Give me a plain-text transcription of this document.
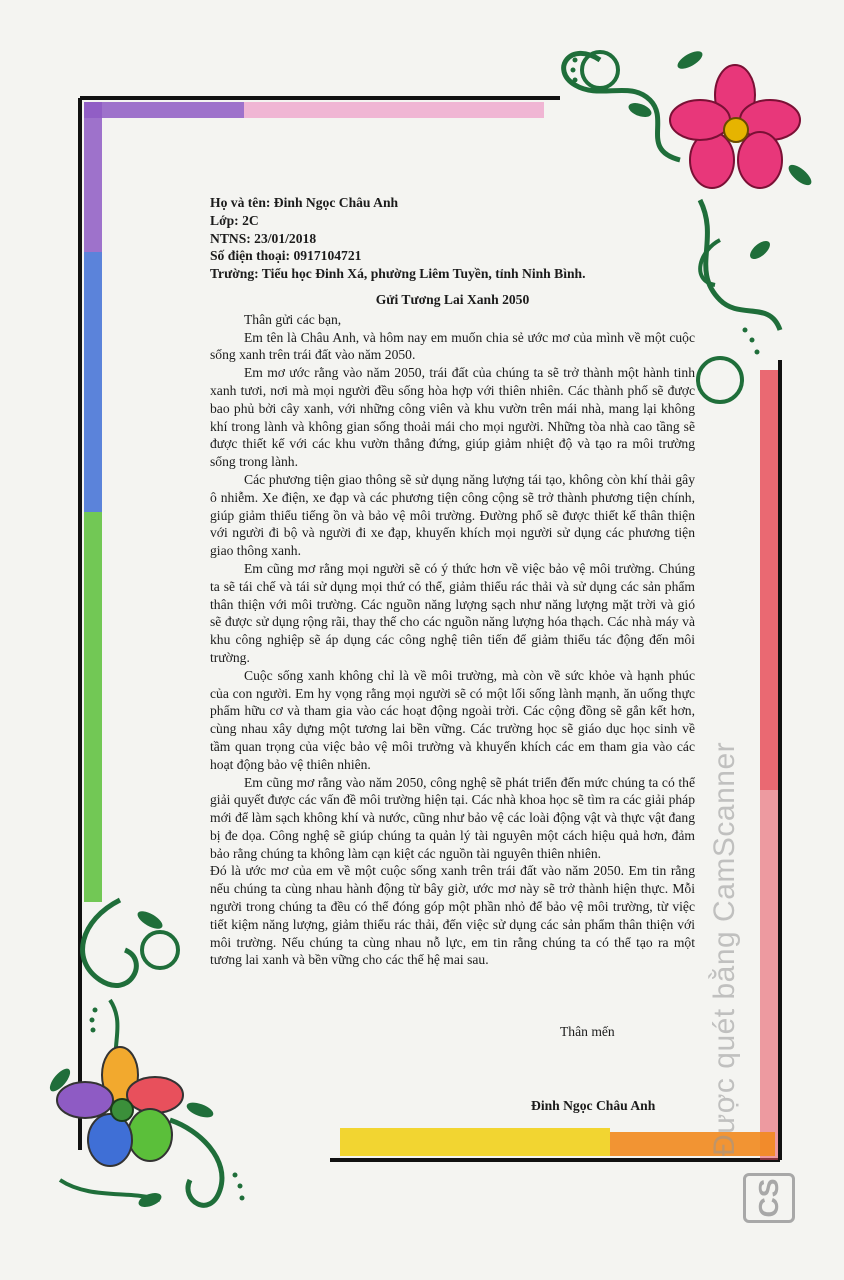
Họ và tên: Đinh Ngọc Châu Anh
Lớp: 2C
NTNS: 23/01/2018
Số điện thoại: 0917104721
Trường: Tiểu học Đinh Xá, phường Liêm Tuyền, tỉnh Ninh Bình.
Gửi Tương Lai Xanh 2050
Thân gửi các bạn,
Em tên là Châu Anh, và hôm nay em muốn chia sẻ ước mơ của mình về một cuộc sống xanh trên trái đất vào năm 2050.
Em mơ ước rằng vào năm 2050, trái đất của chúng ta sẽ trở thành một hành tinh xanh tươi, nơi mà mọi người đều sống hòa hợp với thiên nhiên. Các thành phố sẽ được bao phủ bởi cây xanh, với những công viên và khu vườn trên mái nhà, mang lại không khí trong lành và không gian sống thoải mái cho mọi người. Những tòa nhà cao tầng sẽ được thiết kế với các khu vườn thẳng đứng, giúp giảm nhiệt độ và tạo ra môi trường sống trong lành.
Các phương tiện giao thông sẽ sử dụng năng lượng tái tạo, không còn khí thải gây ô nhiễm. Xe điện, xe đạp và các phương tiện công cộng sẽ trở thành phương tiện chính, giúp giảm thiểu tiếng ồn và bảo vệ môi trường. Đường phố sẽ được thiết kế thân thiện với người đi bộ và người đi xe đạp, khuyến khích mọi người sử dụng các phương tiện giao thông xanh.
Em cũng mơ rằng mọi người sẽ có ý thức hơn về việc bảo vệ môi trường. Chúng ta sẽ tái chế và tái sử dụng mọi thứ có thể, giảm thiểu rác thải và sử dụng các sản phẩm thân thiện với môi trường. Các nguồn năng lượng sạch như năng lượng mặt trời và gió sẽ được sử dụng rộng rãi, thay thế cho các nguồn năng lượng hóa thạch. Các nhà máy và khu công nghiệp sẽ áp dụng các công nghệ tiên tiến để giảm thiểu tác động đến môi trường.
Cuộc sống xanh không chỉ là về môi trường, mà còn về sức khỏe và hạnh phúc của con người. Em hy vọng rằng mọi người sẽ có một lối sống lành mạnh, ăn uống thực phẩm hữu cơ và tham gia vào các hoạt động ngoài trời. Các cộng đồng sẽ gắn kết hơn, cùng nhau xây dựng một tương lai bền vững. Các trường học sẽ giáo dục học sinh về tầm quan trọng của việc bảo vệ môi trường và khuyến khích các em tham gia vào các hoạt động bảo vệ thiên nhiên.
Em cũng mơ rằng vào năm 2050, công nghệ sẽ phát triển đến mức chúng ta có thể giải quyết được các vấn đề môi trường hiện tại. Các nhà khoa học sẽ tìm ra các giải pháp mới để làm sạch không khí và nước, cũng như bảo vệ các loài động vật và thực vật đang bị đe dọa. Công nghệ sẽ giúp chúng ta quản lý tài nguyên một cách hiệu quả hơn, đảm bảo rằng chúng ta không làm cạn kiệt các nguồn tài nguyên thiên nhiên.
Đó là ước mơ của em về một cuộc sống xanh trên trái đất vào năm 2050. Em tin rằng nếu chúng ta cùng nhau hành động từ bây giờ, ước mơ này sẽ trở thành hiện thực. Mỗi người trong chúng ta đều có thể đóng góp một phần nhỏ để bảo vệ môi trường, từ việc tiết kiệm năng lượng, giảm thiểu rác thải, đến việc sử dụng các sản phẩm thân thiện với môi trường. Nếu chúng ta cùng nhau nỗ lực, em tin rằng chúng ta có thể tạo ra một tương lai xanh và bền vững cho các thế hệ mai sau.
Thân mến
Đinh Ngọc Châu Anh Được quét bằng CamScanner
CS
